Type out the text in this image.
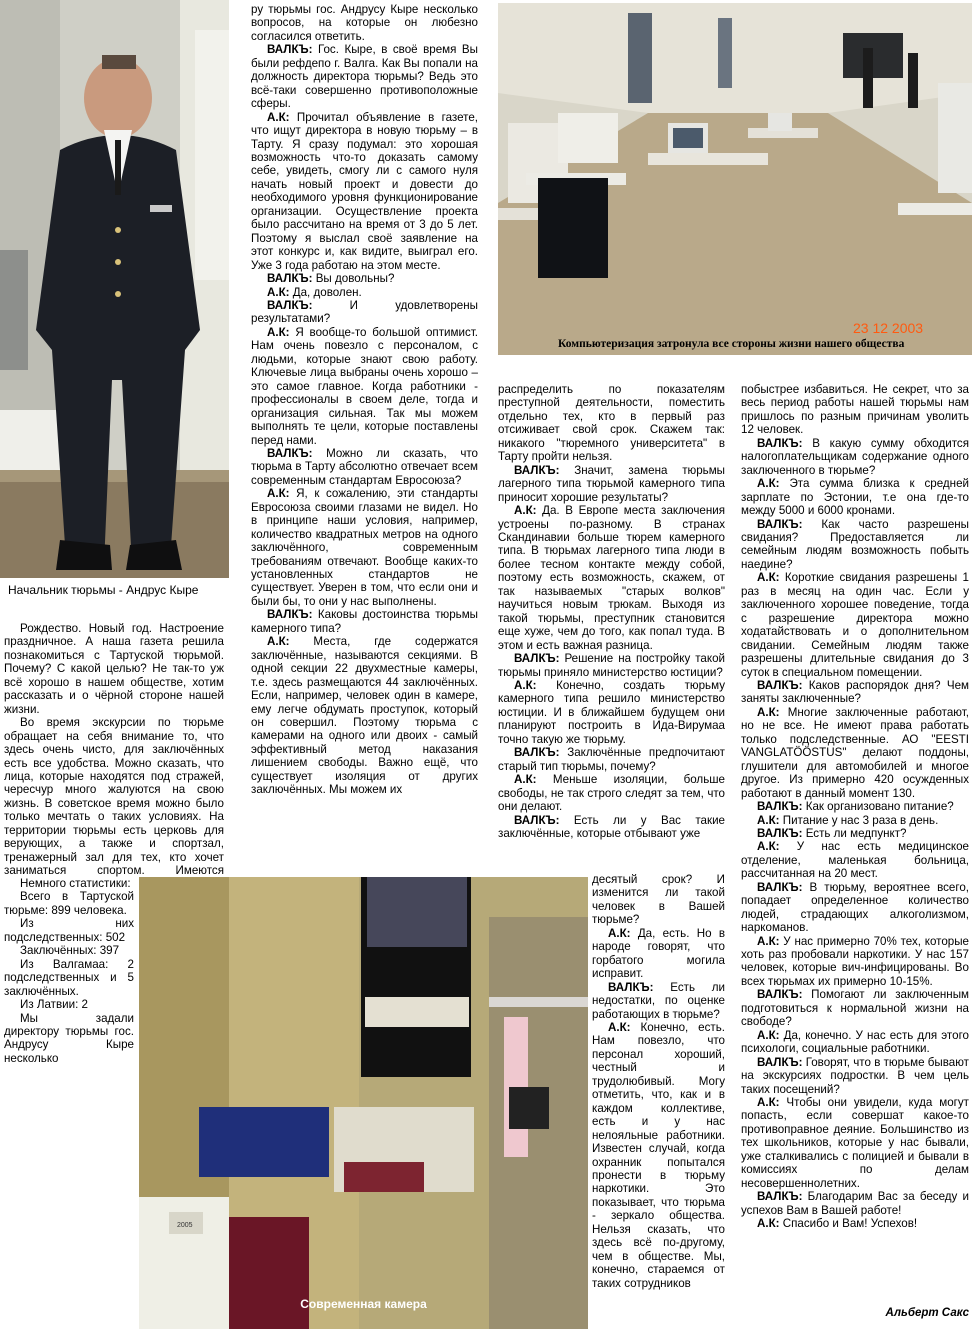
Начальник тюрьмы - Андрус Кыре
23 12 2003
Компьютеризация затронула все стороны жизни нашего общества
2005
Современная камера

Рождество. Новый год. Настроение праздничное. А наша газета решила познакомиться с Тартуской тюрьмой. Почему? С какой целью? Не так-то уж всё хорошо в нашем обществе, хотим рассказать и о чёрной стороне нашей жизни.

Во время экскурсии по тюрьме обращает на себя внимание то, что здесь очень чисто, для заключённых есть все удобства. Можно сказать, что лица, которые находятся под стражей, чересчур много жалуются на свою жизнь. В советское время можно было только мечтать о таких условиях. На территории тюрьмы есть церковь для верующих, а также и спортзал, тренажерный зал для тех, кто хочет заниматься спортом. Имеются

Немного статистики:

Всего в Тартуской тюрьме: 899 человека.

Из них подследственных: 502

Заключённых: 397

Из Валгамаа: 2 подследственных и 5 заключённых.

Из Латвии: 2

Мы задали директору тюрьмы гос. Андрусу Кыре несколько

ру тюрьмы гос. Андрусу Кыре несколько вопросов, на которые он любезно согласился ответить.

ВАЛКЪ: Гос. Кыре, в своё время Вы были рефдепо г. Валга. Как Вы попали на должность директора тюрьмы? Ведь это всё-таки совершенно противоположные сферы.

А.К: Прочитал объявление в газете, что ищут директора в новую тюрьму – в Тарту. Я сразу подумал: это хорошая возможность что-то доказать самому себе, увидеть, смогу ли с самого нуля начать новый проект и довести до необходимого уровня функционирование организации. Осуществление проекта было рассчитано на время от 3 до 5 лет. Поэтому я выслал своё заявление на этот конкурс и, как видите, выиграл его. Уже 3 года работаю на этом месте.

ВАЛКЪ: Вы довольны?

А.К: Да, доволен.

ВАЛКЪ: И удовлетворены результатами?

А.К: Я вообще-то большой оптимист. Нам очень повезло с персоналом, с людьми, которые знают свою работу. Ключевые лица выбраны очень хорошо – это самое главное. Когда работники - профессионалы в своем деле, тогда и организация сильная. Так мы можем выполнять те цели, которые поставлены перед нами.

ВАЛКЪ: Можно ли сказать, что тюрьма в Тарту абсолютно отвечает всем современным стандартам Евросоюза?

А.К: Я, к сожалению, эти стандарты Евросоюза своими глазами не видел. Но в принципе наши условия, например, количество квадратных метров на одного заключённого, современным требованиям отвечают. Вообще каких-то установленных стандартов не существует. Уверен в том, что если они и были бы, то они у нас выполнены.

ВАЛКЪ: Каковы достоинства тюрьмы камерного типа?

А.К: Места, где содержатся заключённые, называются секциями. В одной секции 22 двухместные камеры, т.е. здесь размещаются 44 заключённых. Если, например, человек один в камере, ему легче обдумать проступок, который он совершил. Поэтому тюрьма с камерами на одного или двоих - самый эффективный метод наказания лишением свободы. Важно ещё, что существует изоляция от других заключённых. Мы можем их

распределить по показателям преступной деятельности, поместить отдельно тех, кто в первый раз отсиживает свой срок. Скажем так: никакого "тюремного университета" в Тарту пройти нельзя.

ВАЛКЪ: Значит, замена тюрьмы лагерного типа тюрьмой камерного типа приносит хорошие результаты?

А.К: Да. В Европе места заключения устроены по-разному. В странах Скандинавии больше тюрем камерного типа. В тюрьмах лагерного типа люди в более тесном контакте между собой, поэтому есть возможность, скажем, от так называемых "старых волков" научиться новым трюкам. Выходя из такой тюрьмы, преступник становится еще хуже, чем до того, как попал туда. В этом и есть важная разница.

ВАЛКЪ: Решение на постройку такой тюрьмы приняло министерство юстиции?

А.К: Конечно, создать тюрьму камерного типа решило министерство юстиции. И в ближайшем будущем они планируют построить в Ида-Вирумаа точно такую же тюрьму.

ВАЛКЪ: Заключённые предпочитают старый тип тюрьмы, почему?

А.К: Меньше изоляции, больше свободы, не так строго следят за тем, что они делают.

ВАЛКЪ: Есть ли у Вас такие заключённые, которые отбывают уже

десятый срок? И изменится ли такой человек в Вашей тюрьме?

А.К: Да, есть. Но в народе говорят, что горбатого могила исправит.

ВАЛКЪ: Есть ли недостатки, по оценке работающих в тюрьме?

А.К: Конечно, есть. Нам повезло, что персонал хороший, честный и трудолюбивый. Могу отметить, что, как и в каждом коллективе, есть и у нас нелояльные работники. Известен случай, когда охранник попытался пронести в тюрьму наркотики. Это показывает, что тюрьма - зеркало общества. Нельзя сказать, что здесь всё по-другому, чем в обществе. Мы, конечно, стараемся от таких сотрудников

побыстрее избавиться. Не секрет, что за весь период работы нашей тюрьмы нам пришлось по разным причинам уволить 12 человек.

ВАЛКЪ: В какую сумму обходится налогоплательщикам содержание одного заключенного в тюрьме?

А.К: Эта сумма близка к средней зарплате по Эстонии, т.е она где-то между 5000 и 6000 кронами.

ВАЛКЪ: Как часто разрешены свидания? Предоставляется ли семейным людям возможность побыть наедине?

А.К: Короткие свидания разрешены 1 раз в месяц на один час. Если у заключенного хорошее поведение, тогда с разрешение директора можно ходатайствовать и о дополнительном свидании. Семейным людям также разрешены длительные свидания до 3 суток в специальном помещении.

ВАЛКЪ: Каков распорядок дня? Чем заняты заключенные?

А.К: Многие заключенные работают, но не все. Не имеют права работать только подследственные. АО "EESTI VANGLATÖÖSTUS" делают поддоны, глушители для автомобилей и многое другое. Из примерно 420 осужденных работают в данный момент 130.

ВАЛКЪ: Как организовано питание?

А.К: Питание у нас 3 раза в день.

ВАЛКЪ: Есть ли медпункт?

А.К: У нас есть медицинское отделение, маленькая больница, рассчитанная на 20 мест.

ВАЛКЪ: В тюрьму, вероятнее всего, попадает определенное количество людей, страдающих алкоголизмом, наркоманов.

А.К: У нас примерно 70% тех, которые хоть раз пробовали наркотики. У нас 157 человек, которые вич-инфицированы. Во всех тюрьмах их примерно 10-15%.

ВАЛКЪ: Помогают ли заключенным подготовиться к нормальной жизни на свободе?

А.К: Да, конечно. У нас есть для этого психологи, социальные работники.

ВАЛКЪ: Говорят, что в тюрьме бывают на экскурсиях подростки. В чем цель таких посещений?

А.К: Чтобы они увидели, куда могут попасть, если совершат какое-то противоправное деяние. Большинство из тех школьников, которые у нас бывали, уже сталкивались с полицией и бывали в комиссиях по делам несовершеннолетних.

ВАЛКЪ: Благодарим Вас за беседу и успехов Вам в Вашей работе!

А.К: Спасибо и Вам! Успехов!

Альберт Сакс
